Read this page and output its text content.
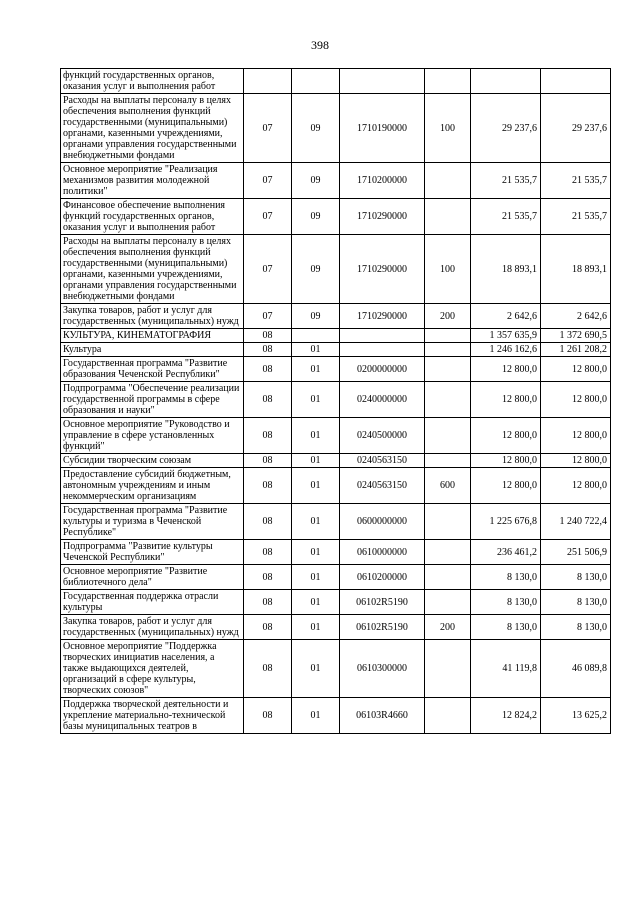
398
функций государственных органов, оказания услуг и выполнения работ						
Расходы на выплаты персоналу в целях обеспечения выполнения функций государственными (муниципальными) органами, казенными учреждениями, органами управления государственными внебюджетными фондами	07	09	1710190000	100	29 237,6	29 237,6
Основное мероприятие "Реализация механизмов развития молодежной политики"	07	09	1710200000		21 535,7	21 535,7
Финансовое обеспечение выполнения функций государственных органов, оказания услуг и выполнения работ	07	09	1710290000		21 535,7	21 535,7
Расходы на выплаты персоналу в целях обеспечения выполнения функций государственными (муниципальными) органами, казенными учреждениями, органами управления государственными внебюджетными фондами	07	09	1710290000	100	18 893,1	18 893,1
Закупка товаров, работ и услуг для государственных (муниципальных) нужд	07	09	1710290000	200	2 642,6	2 642,6
КУЛЬТУРА, КИНЕМАТОГРАФИЯ	08				1 357 635,9	1 372 690,5
Культура	08	01			1 246 162,6	1 261 208,2
Государственная программа "Развитие образования Чеченской Республики"	08	01	0200000000		12 800,0	12 800,0
Подпрограмма "Обеспечение реализации государственной программы в сфере образования и науки"	08	01	0240000000		12 800,0	12 800,0
Основное мероприятие "Руководство и управление в сфере установленных функций"	08	01	0240500000		12 800,0	12 800,0
Субсидии творческим союзам	08	01	0240563150		12 800,0	12 800,0
Предоставление субсидий бюджетным, автономным учреждениям и иным некоммерческим организациям	08	01	0240563150	600	12 800,0	12 800,0
Государственная программа "Развитие культуры и туризма в Чеченской Республике"	08	01	0600000000		1 225 676,8	1 240 722,4
Подпрограмма "Развитие культуры Чеченской Республики"	08	01	0610000000		236 461,2	251 506,9
Основное мероприятие "Развитие библиотечного дела"	08	01	0610200000		8 130,0	8 130,0
Государственная поддержка отрасли культуры	08	01	06102R5190		8 130,0	8 130,0
Закупка товаров, работ и услуг для государственных (муниципальных) нужд	08	01	06102R5190	200	8 130,0	8 130,0
Основное мероприятие "Поддержка творческих инициатив населения, а также выдающихся деятелей, организаций в сфере культуры, творческих союзов"	08	01	0610300000		41 119,8	46 089,8
Поддержка творческой деятельности и укрепление материально-технической базы муниципальных театров в	08	01	06103R4660		12 824,2	13 625,2
